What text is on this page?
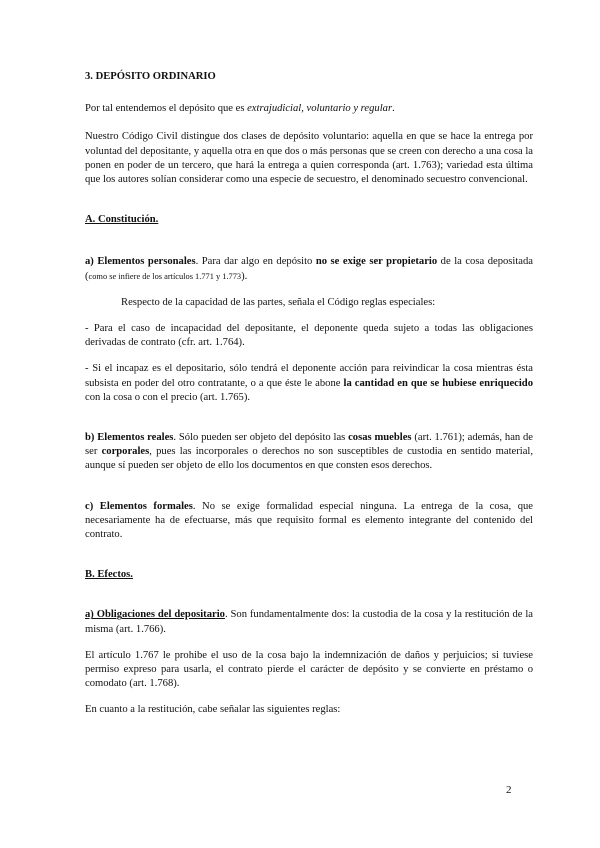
3. DEPÓSITO ORDINARIO

Por tal entendemos el depósito que es extrajudicial, voluntario y regular.

Nuestro Código Civil distingue dos clases de depósito voluntario: aquella en que se hace la entrega por voluntad del depositante, y aquella otra en que dos o más personas que se creen con derecho a una cosa la ponen en poder de un tercero, que hará la entrega a quien corresponda (art. 1.763); variedad esta última que los autores solían considerar como una especie de secuestro, el denominado secuestro convencional.

A. Constitución.

a) Elementos personales. Para dar algo en depósito no se exige ser propietario de la cosa depositada (como se infiere de los artículos 1.771 y 1.773).

Respecto de la capacidad de las partes, señala el Código reglas especiales:

- Para el caso de incapacidad del depositante, el deponente queda sujeto a todas las obligaciones derivadas de contrato (cfr. art. 1.764).

- Si el incapaz es el depositario, sólo tendrá el deponente acción para reivindicar la cosa mientras ésta subsista en poder del otro contratante, o a que éste le abone la cantidad en que se hubiese enriquecido con la cosa o con el precio (art. 1.765).

b) Elementos reales. Sólo pueden ser objeto del depósito las cosas muebles (art. 1.761); además, han de ser corporales, pues las incorporales o derechos no son susceptibles de custodia en sentido material, aunque sí pueden ser objeto de ello los documentos en que consten esos derechos.

c) Elementos formales. No se exige formalidad especial ninguna. La entrega de la cosa, que necesariamente ha de efectuarse, más que requisito formal es elemento integrante del contenido del contrato.

B. Efectos.

a) Obligaciones del depositario. Son fundamentalmente dos: la custodia de la cosa y la restitución de la misma (art. 1.766).

El artículo 1.767 le prohibe el uso de la cosa bajo la indemnización de daños y perjuicios; si tuviese permiso expreso para usarla, el contrato pierde el carácter de depósito y se convierte en préstamo o comodato (art. 1.768).

En cuanto a la restitución, cabe señalar las siguientes reglas:

2
